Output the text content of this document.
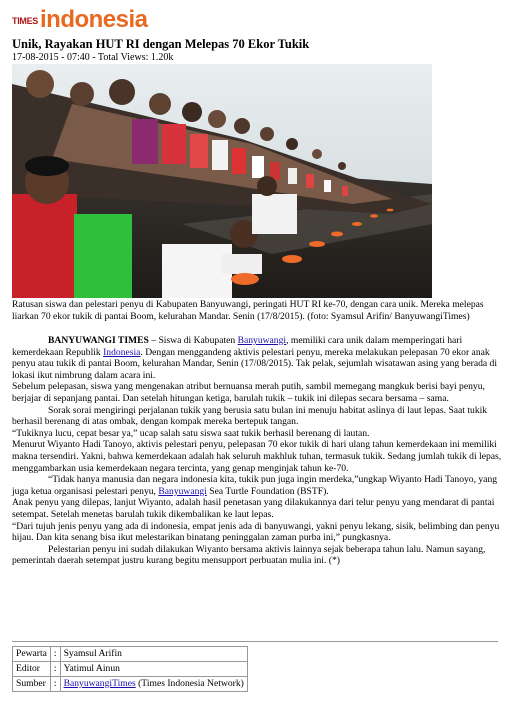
TIMES indonesia
Unik, Rayakan HUT RI dengan Melepas 70 Ekor Tukik
17-08-2015 - 07:40 - Total Views: 1.20k
Ratusan siswa dan pelestari penyu di Kabupaten Banyuwangi, peringati HUT RI ke-70, dengan cara unik. Mereka melepas liarkan 70 ekor tukik di pantai Boom, kelurahan Mandar. Senin (17/8/2015). (foto: Syamsul Arifin/ BanyuwangiTimes)

BANYUWANGI TIMES – Siswa di Kabupaten Banyuwangi, memiliki cara unik dalam memperingati hari kemerdekaan Republik Indonesia. Dengan menggandeng aktivis pelestari penyu, mereka melakukan pelepasan 70 ekor anak penyu atau tukik di pantai Boom, kelurahan Mandar, Senin (17/08/2015). Tak pelak, sejumlah wisatawan asing yang berada di lokasi ikut nimbrung dalam acara ini.

Sebelum pelepasan, siswa yang mengenakan atribut bernuansa merah putih, sambil memegang mangkuk berisi bayi penyu, berjajar di sepanjang pantai. Dan setelah hitungan ketiga, barulah tukik – tukik ini dilepas secara bersama – sama.

Sorak sorai mengiringi perjalanan tukik yang berusia satu bulan ini menuju habitat aslinya di laut lepas. Saat tukik berhasil berenang di atas ombak, dengan kompak mereka bertepuk tangan.

“Tukiknya lucu, cepat besar ya,” ucap salah satu siswa saat tukik berhasil berenang di lautan.

Menurut Wiyanto Hadi Tanoyo, aktivis pelestari penyu, pelepasan 70 ekor tukik di hari ulang tahun kemerdekaan ini memiliki makna tersendiri. Yakni, bahwa kemerdekaan adalah hak seluruh makhluk tuhan, termasuk tukik. Sedang jumlah tukik di lepas, menggambarkan usia kemerdekaan negara tercinta, yang genap menginjak tahun ke-70.

“Tidak hanya manusia dan negara indonesia kita, tukik pun juga ingin merdeka,”ungkap Wiyanto Hadi Tanoyo, yang juga ketua organisasi pelestari penyu, Banyuwangi Sea Turtle Foundation (BSTF).

Anak penyu yang dilepas, lanjut Wiyanto, adalah hasil penetasan yang dilakukannya dari telur penyu yang mendarat di pantai setempat. Setelah menetas barulah tukik dikembalikan ke laut lepas.

“Dari tujuh jenis penyu yang ada di indonesia, empat jenis ada di banyuwangi, yakni penyu lekang, sisik, belimbing dan penyu hijau. Dan kita senang bisa ikut melestarikan binatang peninggalan zaman purba ini,” pungkasnya.

Pelestarian penyu ini sudah dilakukan Wiyanto bersama aktivis lainnya sejak beberapa tahun lalu. Namun sayang, pemerintah daerah setempat justru kurang begitu mensupport perbuatan mulia ini. (*)

Pewarta	:	Syamsul Arifin
Editor	:	Yatimul Ainun
Sumber	:	BanyuwangiTimes (Times Indonesia Network)
